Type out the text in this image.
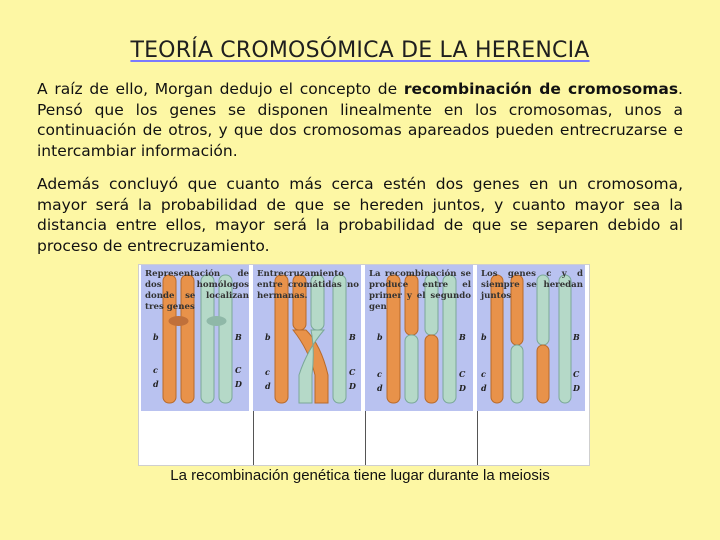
TEORÍA CROMOSÓMICA DE LA HERENCIA

A raíz de ello, Morgan dedujo el concepto de recombinación de cromosomas. Pensó que los genes se disponen linealmente en los cromosomas, unos a continuación de otros, y que dos cromosomas apareados pueden entrecruzarse e intercambiar información.

Además concluyó que cuanto más cerca estén dos genes en un cromosoma, mayor será la probabilidad de que se hereden juntos, y cuanto mayor sea la distancia entre ellos, mayor será la probabilidad de que se separen debido al proceso de entrecruzamiento.

b	B
c	C
d	D
b	B
c	C
d	D
b	B
c	C
d	D
b	B
c	C
d	D
Representación de dos homólogos donde se localizan tres genes
Entrecruzamiento entre cromátidas no hermanas.
La recombinación se produce entre el primer y el segundo gen
Los genes c y d siempre se heredan juntos
La recombinación genética tiene lugar durante la meiosis
